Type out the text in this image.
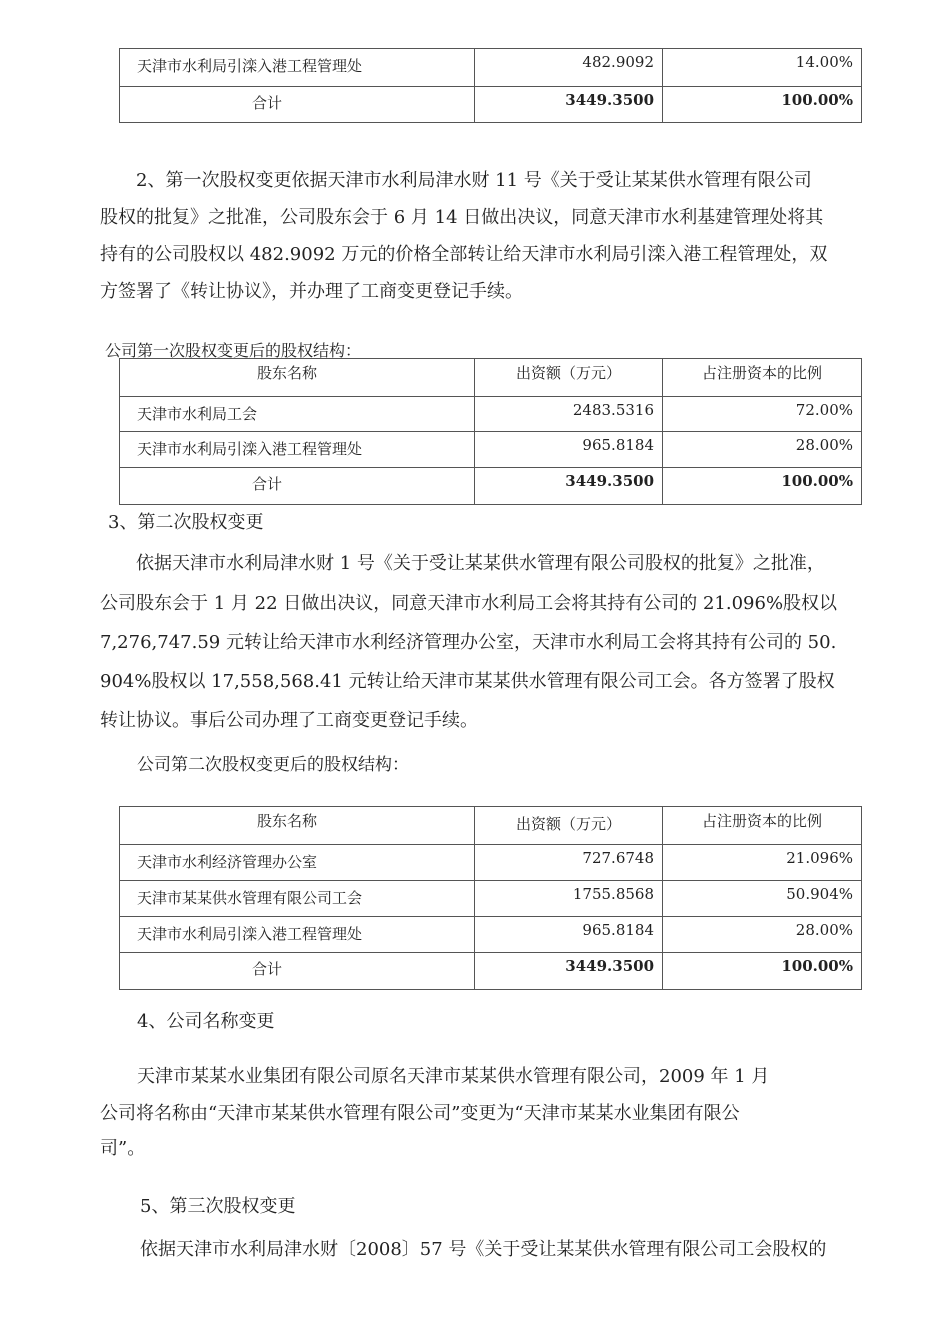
天津市水利局引滦入港工程管理处	482.9092	14.00%
合计	3449.3500	100.00%
2、第一次股权变更依据天津市水利局津水财 11 号《关于受让某某供水管理有限公司
股权的批复》之批准，公司股东会于 6 月 14 日做出决议，同意天津市水利基建管理处将其
持有的公司股权以 482.9092 万元的价格全部转让给天津市水利局引滦入港工程管理处，双
方签署了《转让协议》，并办理了工商变更登记手续。
公司第一次股权变更后的股权结构：
股东名称	出资额（万元）	占注册资本的比例
天津市水利局工会	2483.5316	72.00%
天津市水利局引滦入港工程管理处	965.8184	28.00%
合计	3449.3500	100.00%
3、第二次股权变更
依据天津市水利局津水财 1 号《关于受让某某供水管理有限公司股权的批复》之批准，
公司股东会于 1 月 22 日做出决议，同意天津市水利局工会将其持有公司的 21.096%股权以
7,276,747.59 元转让给天津市水利经济管理办公室，天津市水利局工会将其持有公司的 50.
904%股权以 17,558,568.41 元转让给天津市某某供水管理有限公司工会。各方签署了股权
转让协议。事后公司办理了工商变更登记手续。
公司第二次股权变更后的股权结构：
股东名称	出资额（万元）	占注册资本的比例
天津市水利经济管理办公室	727.6748	21.096%
天津市某某供水管理有限公司工会	1755.8568	50.904%
天津市水利局引滦入港工程管理处	965.8184	28.00%
合计	3449.3500	100.00%
4、公司名称变更
天津市某某水业集团有限公司原名天津市某某供水管理有限公司，2009 年 1 月
公司将名称由“天津市某某供水管理有限公司”变更为“天津市某某水业集团有限公
司”。
5、第三次股权变更
依据天津市水利局津水财〔2008〕57 号《关于受让某某供水管理有限公司工会股权的
